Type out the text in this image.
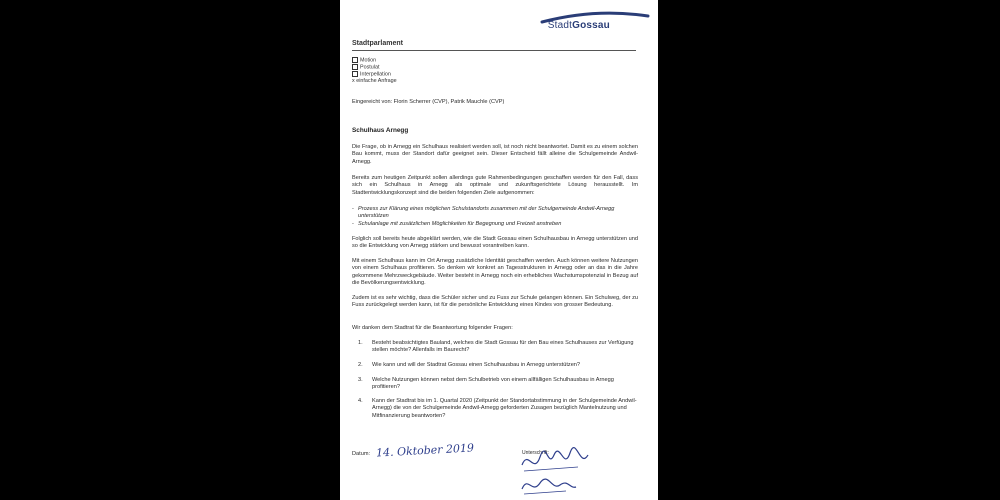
StadtGossau
Stadtparlament
Motion
Postulat
Interpellation
x einfache Anfrage
Eingereicht von: Florin Scherrer (CVP), Patrik Mauchle (CVP)
Schulhaus Arnegg
Die Frage, ob in Arnegg ein Schulhaus realisiert werden soll, ist noch nicht beantwortet. Damit es zu einem solchen Bau kommt, muss der Standort dafür geeignet sein. Dieser Entscheid fällt alleine die Schulgemeinde Andwil-Arnegg.
Bereits zum heutigen Zeitpunkt sollen allerdings gute Rahmenbedingungen geschaffen werden für den Fall, dass sich ein Schulhaus in Arnegg als optimale und zukunftsgerichtete Lösung herausstellt. Im Stadtentwicklungskonzept sind die beiden folgenden Ziele aufgenommen:
- Prozess zur Klärung eines möglichen Schulstandorts zusammen mit der Schulgemeinde Andwil-Arnegg unterstützen
- Schulanlage mit zusätzlichen Möglichkeiten für Begegnung und Freizeit anstreben
Folglich soll bereits heute abgeklärt werden, wie die Stadt Gossau einen Schulhausbau in Arnegg unterstützen und so die Entwicklung von Arnegg stärken und bewusst vorantreiben kann.
Mit einem Schulhaus kann im Ort Arnegg zusätzliche Identität geschaffen werden. Auch können weitere Nutzungen von einem Schulhaus profitieren. So denken wir konkret an Tagesstrukturen in Arnegg oder an das in die Jahre gekommene Mehrzweckgebäude. Weiter besteht in Arnegg noch ein erhebliches Wachstumspotenzial in Bezug auf die Bevölkerungsentwicklung.
Zudem ist es sehr wichtig, dass die Schüler sicher und zu Fuss zur Schule gelangen können. Ein Schulweg, der zu Fuss zurückgelegt werden kann, ist für die persönliche Entwicklung eines Kindes von grosser Bedeutung.
Wir danken dem Stadtrat für die Beantwortung folgender Fragen:
1. Besteht beabsichtigtes Bauland, welches die Stadt Gossau für den Bau eines Schulhauses zur Verfügung stellen möchte? Allenfalls im Baurecht?
2. Wie kann und will der Stadtrat Gossau einen Schulhausbau in Arnegg unterstützen?
3. Welche Nutzungen können nebst dem Schulbetrieb von einem allfälligen Schulhausbau in Arnegg profitieren?
4. Kann der Stadtrat bis im 1. Quartal 2020 (Zeitpunkt der Standortabstimmung in der Schulgemeinde Andwil-Arnegg) die von der Schulgemeinde Andwil-Arnegg geforderten Zusagen bezüglich Mantelnutzung und Mitfinanzierung beantworten?
Datum: 14. Oktober 2019	Unterschrift:
